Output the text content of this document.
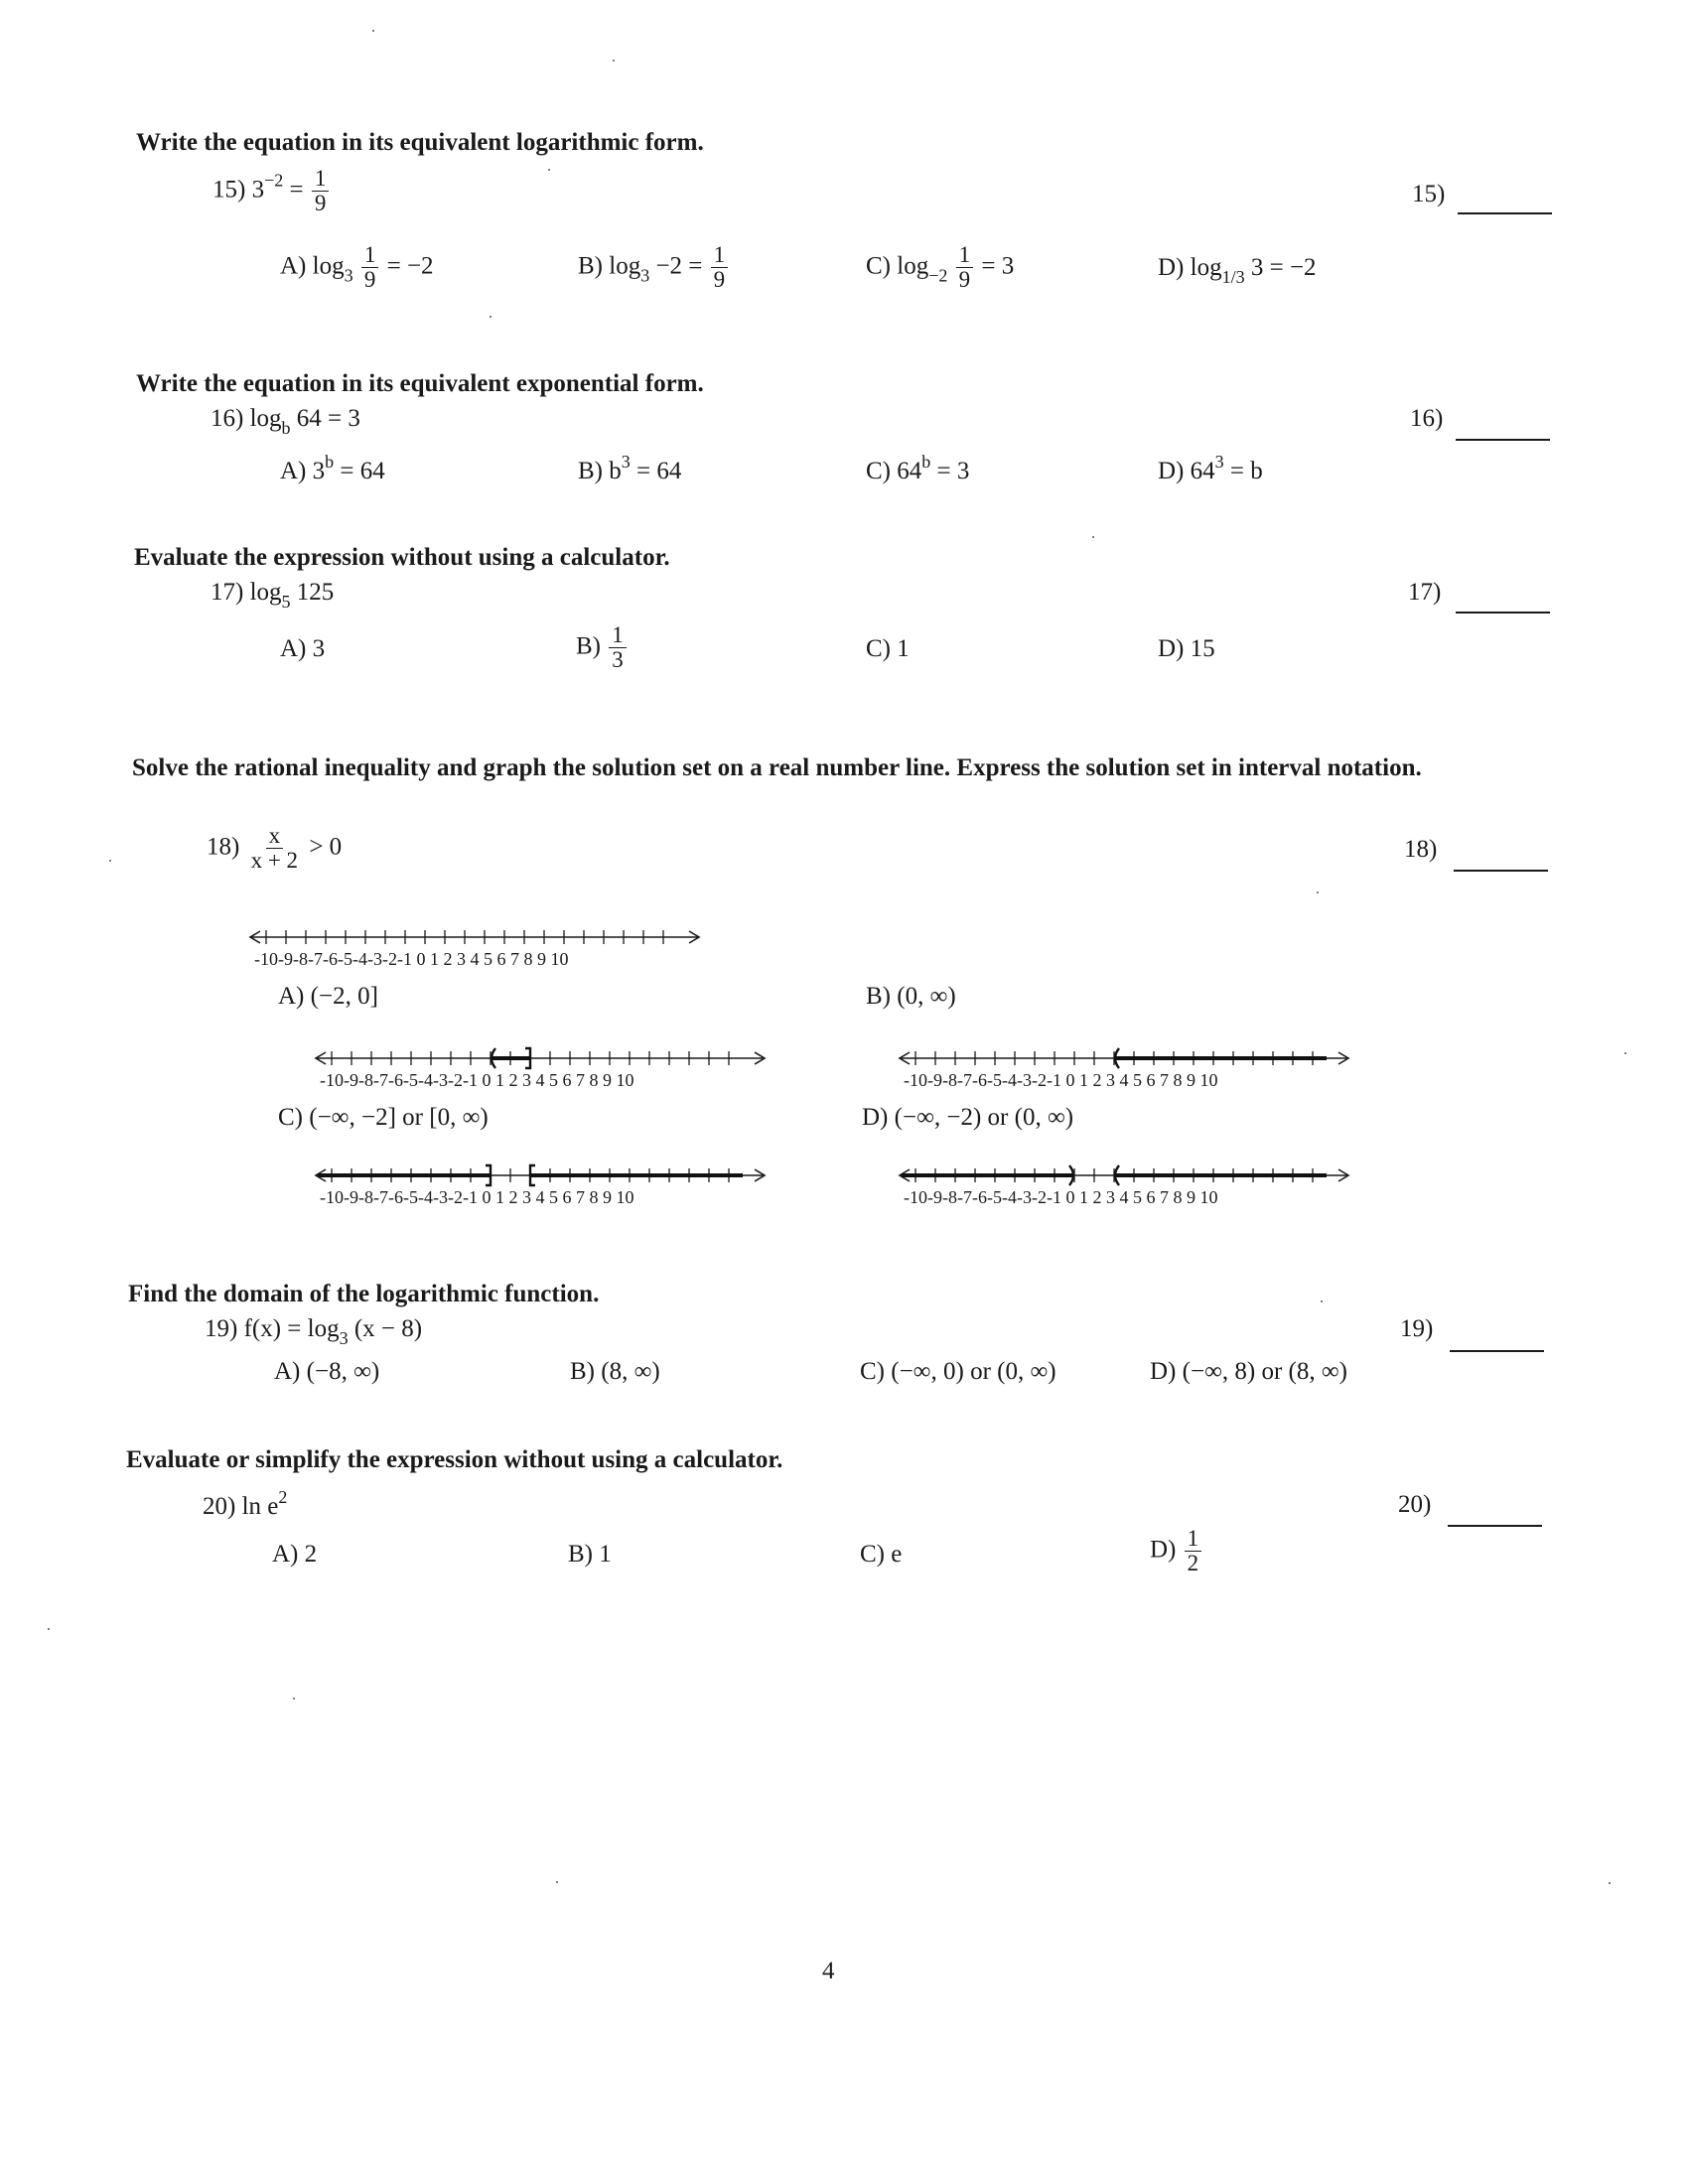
Write the equation in its equivalent logarithmic form.
15) $3^{-2} = \frac{1}{9}$	15)
A) $\log_3 \frac{1}{9} = -2$	B) $\log_3 -2 = \frac{1}{9}$	C) $\log_{-2} \frac{1}{9} = 3$	D) $\log_{1/3} 3 = -2$
Write the equation in its equivalent exponential form.
16) $\log_b 64 = 3$	16)
A) $3^b = 64$	B) $b^3 = 64$	C) $64^b = 3$	D) $64^3 = b$
Evaluate the expression without using a calculator.
17) $\log_5 125$	17)
A) 3	$B) \frac{1}{3}$	C) 1	D) 15
Solve the rational inequality and graph the solution set on a real number line. Express the solution set in interval notation.
$18) \frac{x}{x + 2} > 0$	18)
-10-9-8-7-6-5-4-3-2-1 0 1 2 3 4 5 6 7 8 9 10
A) (−2, 0]	B) (0, ∞)
-10-9-8-7-6-5-4-3-2-1 0 1 2 3 4 5 6 7 8 9 10	-10-9-8-7-6-5-4-3-2-1 0 1 2 3 4 5 6 7 8 9 10
C) (−∞, −2] or [0, ∞)	D) (−∞, −2) or (0, ∞)
-10-9-8-7-6-5-4-3-2-1 0 1 2 3 4 5 6 7 8 9 10	-10-9-8-7-6-5-4-3-2-1 0 1 2 3 4 5 6 7 8 9 10
Find the domain of the logarithmic function.
19) $f(x) = \log_3 (x - 8)$	19)
A) (−8, ∞)	B) (8, ∞)	C) (−∞, 0) or (0, ∞)	D) (−∞, 8) or (8, ∞)
Evaluate or simplify the expression without using a calculator.
20) $\ln e^2$	20)
A) 2	B) 1	C) e	$D) \frac{1}{2}$
4
